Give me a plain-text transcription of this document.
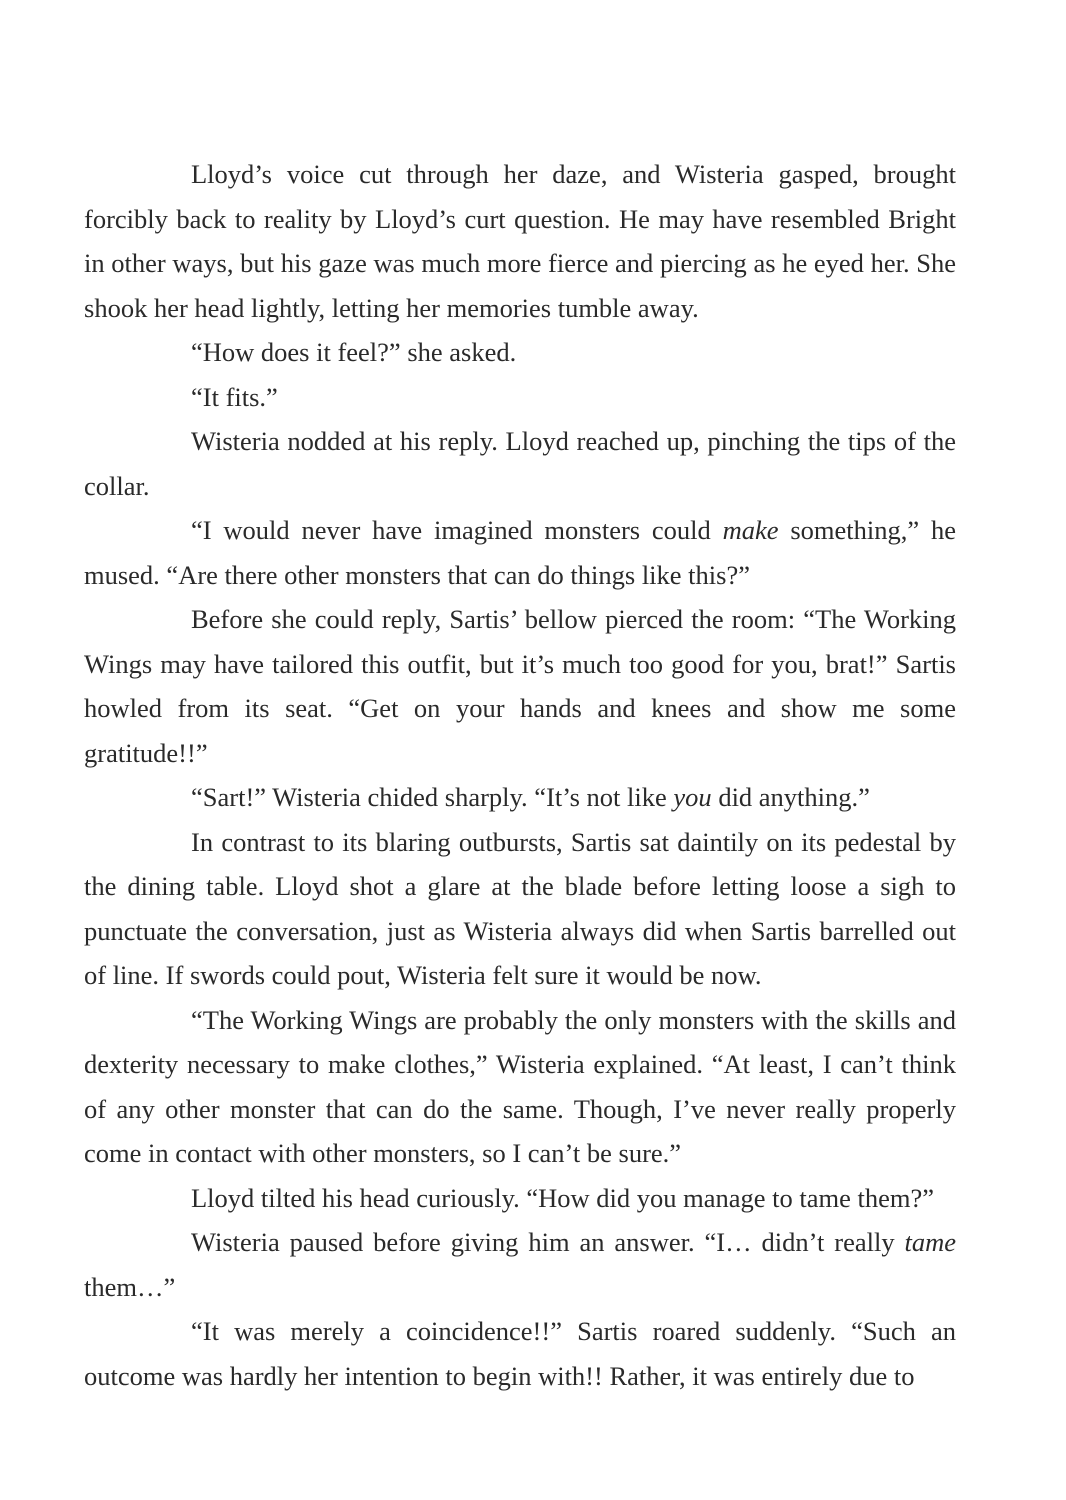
Lloyd’s voice cut through her daze, and Wisteria gasped, brought forcibly back to reality by Lloyd’s curt question. He may have resembled Bright in other ways, but his gaze was much more fierce and piercing as he eyed her. She shook her head lightly, letting her memories tumble away.

“How does it feel?” she asked.

“It fits.”

Wisteria nodded at his reply. Lloyd reached up, pinching the tips of the collar.

“I would never have imagined monsters could make something,” he mused. “Are there other monsters that can do things like this?”

Before she could reply, Sartis’ bellow pierced the room: “The Working Wings may have tailored this outfit, but it’s much too good for you, brat!” Sartis howled from its seat. “Get on your hands and knees and show me some gratitude!!”

“Sart!” Wisteria chided sharply. “It’s not like you did anything.”

In contrast to its blaring outbursts, Sartis sat daintily on its pedestal by the dining table. Lloyd shot a glare at the blade before letting loose a sigh to punctuate the conversation, just as Wisteria always did when Sartis barrelled out of line. If swords could pout, Wisteria felt sure it would be now.

“The Working Wings are probably the only monsters with the skills and dexterity necessary to make clothes,” Wisteria explained. “At least, I can’t think of any other monster that can do the same. Though, I’ve never really properly come in contact with other monsters, so I can’t be sure.”

Lloyd tilted his head curiously. “How did you manage to tame them?”

Wisteria paused before giving him an answer. “I… didn’t really tame them…”

“It was merely a coincidence!!” Sartis roared suddenly. “Such an outcome was hardly her intention to begin with!! Rather, it was entirely due to
